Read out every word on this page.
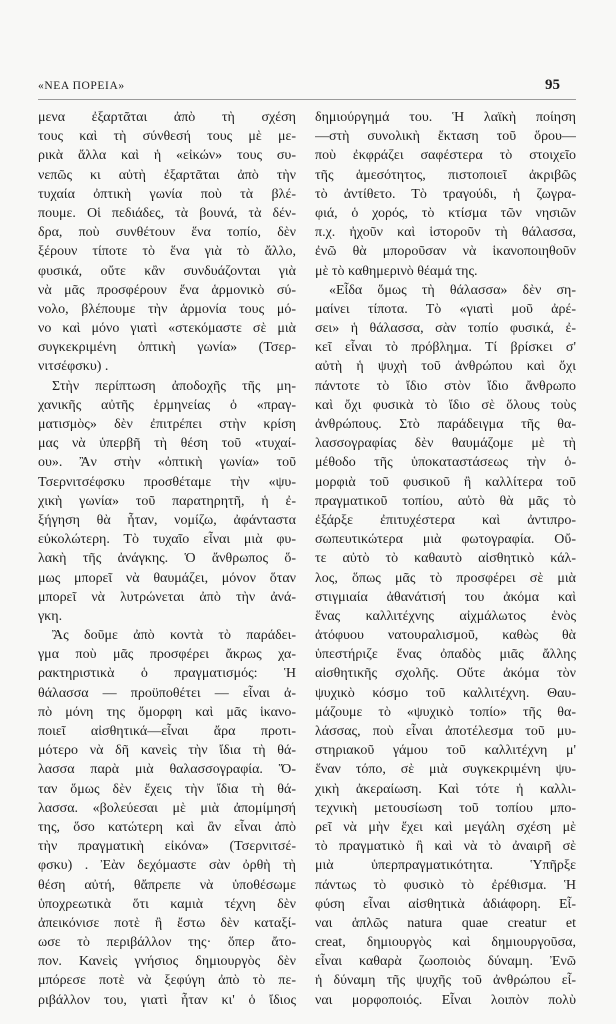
«ΝΕΑ ΠΟΡΕΙΑ»	95
μενα ἐξαρτᾶται ἀπὸ τὴ σχέση
τους καὶ τὴ σύνθεσή τους μὲ με-
ρικὰ ἄλλα καὶ ἡ «εἰκών» τους συ-
νεπῶς κι αὐτὴ ἐξαρτᾶται ἀπὸ τὴν
τυχαία ὀπτικὴ γωνία ποὺ τὰ βλέ-
πουμε. Οἱ πεδιάδες, τὰ βουνά, τὰ δέν-
δρα, ποὺ συνθέτουν ἕνα τοπίο, δὲν
ξέρουν τίποτε τὸ ἕνα γιὰ τὸ ἄλλο,
φυσικά, οὔτε κἂν συνδυάζονται γιὰ
νὰ μᾶς προσφέρουν ἕνα ἁρμονικὸ σύ-
νολο, βλέπουμε τὴν ἁρμονία τους μό-
νο καὶ μόνο γιατὶ «στεκόμαστε σὲ μιὰ
συγκεκριμένη ὀπτικὴ γωνία» (Τσερ-
νιτσέφσκυ) .
Στὴν περίπτωση ἀποδοχῆς τῆς μη-
χανικῆς αὐτῆς ἑρμηνείας ὁ «πραγ-
ματισμὸς» δὲν ἐπιτρέπει στὴν κρίση
μας νὰ ὑπερβῆ τὴ θέση τοῦ «τυχαί-
ου». Ἂν στὴν «ὀπτικὴ γωνία» τοῦ
Τσερνιτσέφσκυ προσθέταμε τὴν «ψυ-
χικὴ γωνία» τοῦ παρατηρητῆ, ἡ ἐ-
ξήγηση θὰ ἦταν, νομίζω, ἀφάνταστα
εὐκολώτερη. Τὸ τυχαῖο εἶναι μιὰ φυ-
λακὴ τῆς ἀνάγκης. Ὁ ἄνθρωπος ὅ-
μως μπορεῖ νὰ θαυμάζει, μόνον ὅταν
μπορεῖ νὰ λυτρώνεται ἀπὸ τὴν ἀνά-
γκη.
Ἂς δοῦμε ἀπὸ κοντὰ τὸ παράδει-
γμα ποὺ μᾶς προσφέρει ἄκρως χα-
ρακτηριστικὰ ὁ πραγματισμός: Ἡ
θάλασσα — προϋποθέτει — εἶναι ἀ-
πὸ μόνη της ὄμορφη καὶ μᾶς ἱκανο-
ποιεῖ αἰσθητικά—εἶναι ἄρα προτι-
μότερο νὰ δῆ κανεὶς τὴν ἴδια τὴ θά-
λασσα παρὰ μιὰ θαλασσογραφία. Ὅ-
ταν ὅμως δὲν ἔχεις τὴν ἴδια τὴ θά-
λασσα. «βολεύεσαι μὲ μιὰ ἀπομίμησή
της, ὅσο κατώτερη καὶ ἂν εἶναι ἀπὸ
τὴν πραγματικὴ εἰκόνα» (Τσερνιτσέ-
φσκυ) . Ἐὰν δεχόμαστε σὰν ὀρθὴ τὴ
θέση αὐτή, θἄπρεπε νὰ ὑποθέσωμε
ὑποχρεωτικὰ ὅτι καμιὰ τέχνη δὲν
ἀπεικόνισε ποτὲ ἢ ἔστω δὲν καταξί-
ωσε τὸ περιβάλλον της· ὅπερ ἄτο-
πον. Κανεὶς γνήσιος δημιουργὸς δὲν
μπόρεσε ποτὲ νὰ ξεφύγη ἀπὸ τὸ πε-
ριβάλλον του, γιατὶ ἦταν κι' ὁ ἴδιος
δημιούργημά του. Ἡ λαϊκὴ ποίηση
—στὴ συνολικὴ ἔκταση τοῦ ὅρου—
ποὺ ἐκφράζει σαφέστερα τὸ στοιχεῖο
τῆς ἁμεσότητος, πιστοποιεῖ ἀκριβῶς
τὸ ἀντίθετο. Τὸ τραγούδι, ἡ ζωγρα-
φιά, ὁ χορός, τὸ κτίσμα τῶν νησιῶν
π.χ. ἠχοῦν καὶ ἱστοροῦν τὴ θάλασσα,
ἐνῶ θὰ μποροῦσαν νὰ ἱκανοποιηθοῦν
μὲ τὸ καθημερινὸ θέαμά της.
«Εἶδα ὅμως τὴ θάλασσα» δὲν ση-
μαίνει τίποτα. Τὸ «γιατὶ μοῦ ἀρέ-
σει» ἡ θάλασσα, σὰν τοπίο φυσικά, ἐ-
κεῖ εἶναι τὸ πρόβλημα. Τί βρίσκει σ'
αὐτὴ ἡ ψυχὴ τοῦ ἀνθρώπου καὶ ὄχι
πάντοτε τὸ ἴδιο στὸν ἴδιο ἄνθρωπο
καὶ ὄχι φυσικὰ τὸ ἴδιο σὲ ὅλους τοὺς
ἀνθρώπους. Στὸ παράδειγμα τῆς θα-
λασσογραφίας δὲν θαυμάζομε μὲ τὴ
μέθοδο τῆς ὑποκαταστάσεως τὴν ὁ-
μορφιὰ τοῦ φυσικοῦ ἢ καλλίτερα τοῦ
πραγματικοῦ τοπίου, αὐτὸ θὰ μᾶς τὸ
ἐξάρξε ἐπιτυχέστερα καὶ ἀντιπρο-
σωπευτικώτερα μιὰ φωτογραφία. Οὔ-
τε αὐτὸ τὸ καθαυτὸ αἰσθητικὸ κάλ-
λος, ὅπως μᾶς τὸ προσφέρει σὲ μιὰ
στιγμιαία ἀθανάτισή του ἀκόμα καὶ
ἕνας καλλιτέχνης αἰχμάλωτος ἑνὸς
ἀτόφυου νατουραλισμοῦ, καθὼς θὰ
ὑπεστήριζε ἕνας ὀπαδὸς μιᾶς ἄλλης
αἰσθητικῆς σχολῆς. Οὔτε ἀκόμα τὸν
ψυχικὸ κόσμο τοῦ καλλιτέχνη. Θαυ-
μάζουμε τὸ «ψυχικὸ τοπίο» τῆς θα-
λάσσας, ποὺ εἶναι ἀποτέλεσμα τοῦ μυ-
στηριακοῦ γάμου τοῦ καλλιτέχνη μ'
ἕναν τόπο, σὲ μιὰ συγκεκριμένη ψυ-
χικὴ ἀκεραίωση. Καὶ τότε ἡ καλλι-
τεχνικὴ μετουσίωση τοῦ τοπίου μπο-
ρεῖ νὰ μὴν ἔχει καὶ μεγάλη σχέση μὲ
τὸ πραγματικὸ ἢ καὶ νὰ τὸ ἀναιρῆ σὲ
μιὰ ὑπερπραγματικότητα. Ὑπῆρξε
πάντως τὸ φυσικὸ τὸ ἐρέθισμα. Ἡ
φύση εἶναι αἰσθητικὰ ἀδιάφορη. Εἶ-
ναι ἁπλῶς natura quae creatur et
creat, δημιουργὸς καὶ δημιουργοῦσα,
εἶναι καθαρὰ ζωοποιὸς δύναμη. Ἐνῶ
ἡ δύναμη τῆς ψυχῆς τοῦ ἀνθρώπου εἶ-
ναι μορφοποιός. Εἶναι λοιπὸν πολὺ
